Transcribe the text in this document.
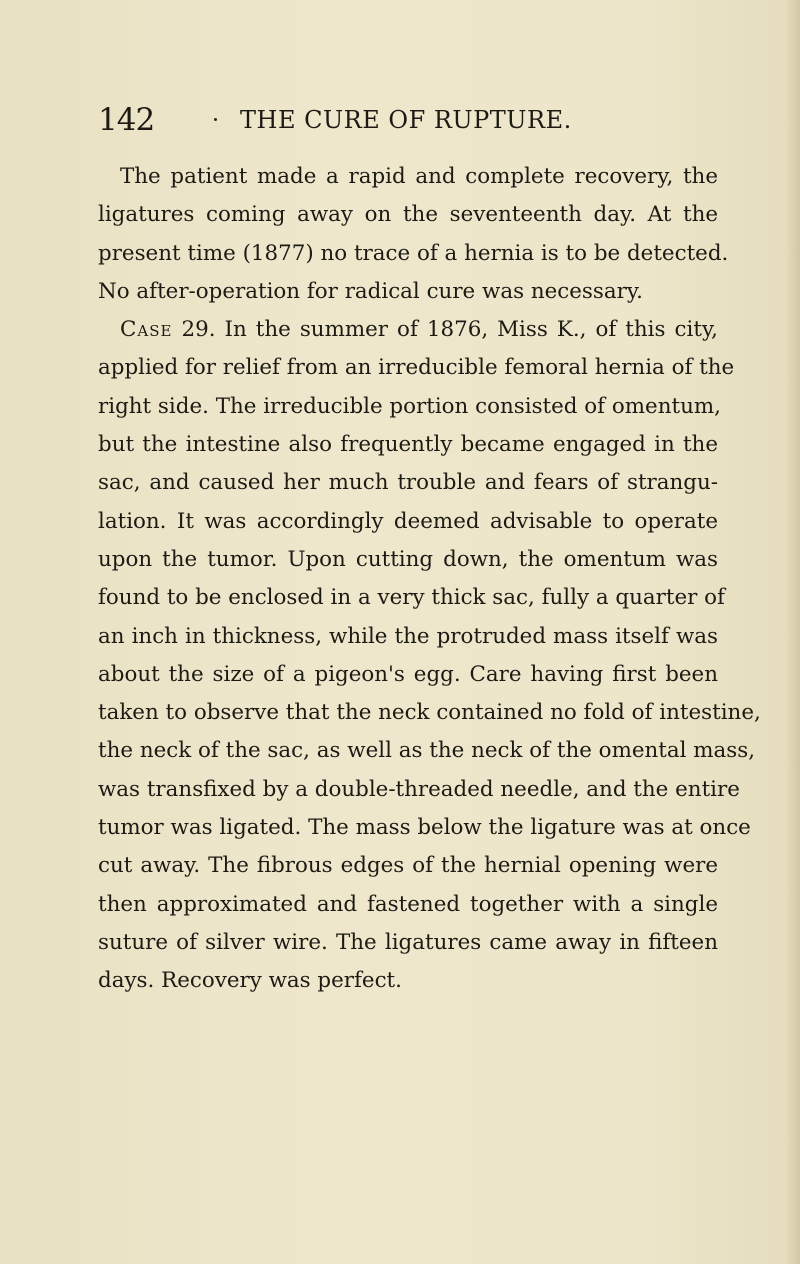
142	THE CURE OF RUPTURE.
The patient made a rapid and complete recovery, the
ligatures coming away on the seventeenth day. At the
present time (1877) no trace of a hernia is to be detected.
No after-operation for radical cure was necessary.
Case 29. In the summer of 1876, Miss K., of this city,
applied for relief from an irreducible femoral hernia of the
right side. The irreducible portion consisted of omentum,
but the intestine also frequently became engaged in the
sac, and caused her much trouble and fears of strangu-
lation. It was accordingly deemed advisable to operate
upon the tumor. Upon cutting down, the omentum was
found to be enclosed in a very thick sac, fully a quarter of
an inch in thickness, while the protruded mass itself was
about the size of a pigeon's egg. Care having first been
taken to observe that the neck contained no fold of intestine,
the neck of the sac, as well as the neck of the omental mass,
was transfixed by a double-threaded needle, and the entire
tumor was ligated. The mass below the ligature was at once
cut away. The fibrous edges of the hernial opening were
then approximated and fastened together with a single
suture of silver wire. The ligatures came away in fifteen
days. Recovery was perfect.
